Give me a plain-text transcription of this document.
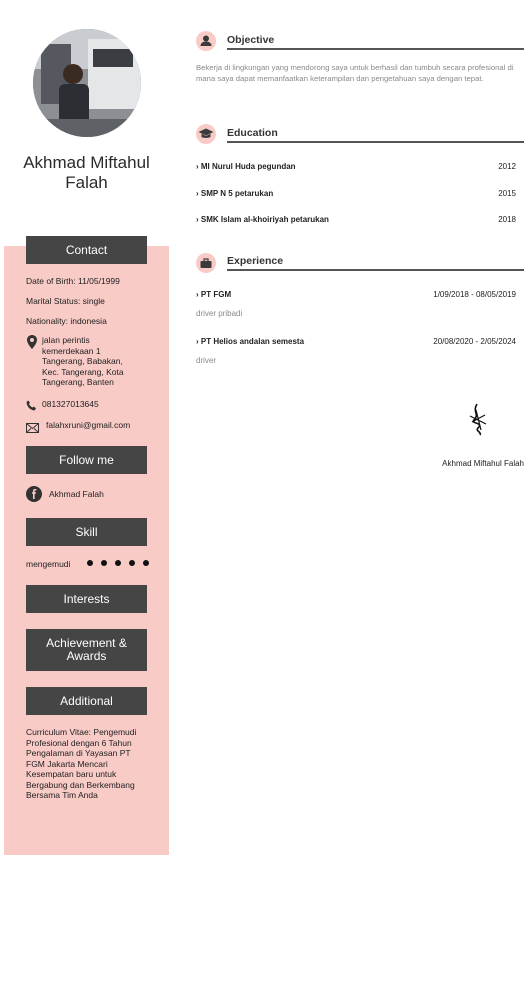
Akhmad Miftahul Falah
Contact
Date of Birth: 11/05/1999
Marital Status: single
Nationality: indonesia
jalan perintis kemerdekaan 1 Tangerang, Babakan, Kec. Tangerang, Kota Tangerang, Banten
081327013645
falahxruni@gmail.com
Follow me
Akhmad Falah
Skill
mengemudi
Interests
Achievement & Awards
Additional
Curriculum Vitae: Pengemudi Profesional dengan 6 Tahun Pengalaman di Yayasan PT FGM Jakarta Mencari Kesempatan baru untuk Bergabung dan Berkembang Bersama Tim Anda
Objective
Bekerja di lingkungan yang mendorong saya untuk berhasil dan tumbuh secara profesional di mana saya dapat memanfaatkan keterampilan dan pengetahuan saya dengan tepat.
Education
› MI Nurul Huda pegundan	2012
› SMP N 5 petarukan	2015
› SMK Islam al-khoiriyah petarukan	2018
Experience
› PT FGM	1/09/2018 - 08/05/2019
driver pribadi
› PT Helios andalan semesta	20/08/2020 - 2/05/2024
driver
Akhmad Miftahul Falah
